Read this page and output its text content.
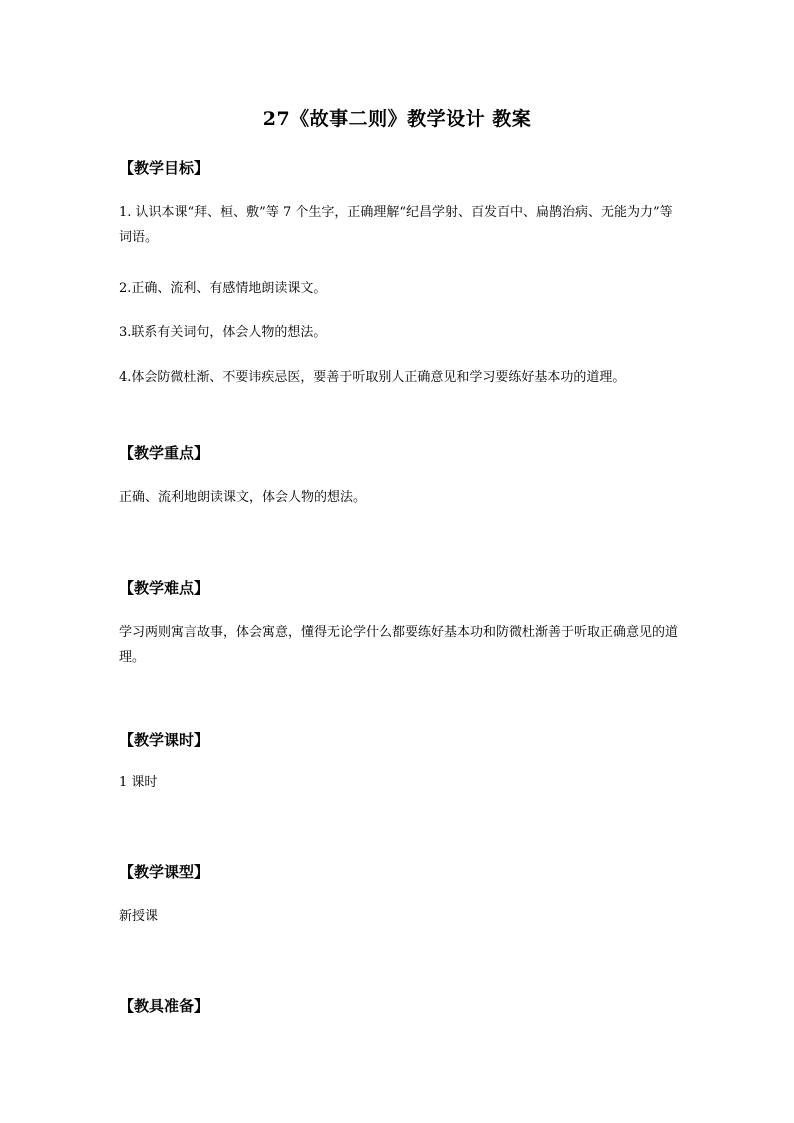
27《故事二则》教学设计 教案
【教学目标】

1. 认识本课“拜、桓、敷”等 7 个生字，正确理解“纪昌学射、百发百中、扁鹊治病、无能为力”等词语。

2.正确、流利、有感情地朗读课文。

3.联系有关词句，体会人物的想法。

4.体会防微杜渐、不要讳疾忌医，要善于听取别人正确意见和学习要练好基本功的道理。

【教学重点】

正确、流利地朗读课文，体会人物的想法。

【教学难点】

学习两则寓言故事，体会寓意，懂得无论学什么都要练好基本功和防微杜渐善于听取正确意见的道理。

【教学课时】

1 课时

【教学课型】

新授课

【教具准备】
